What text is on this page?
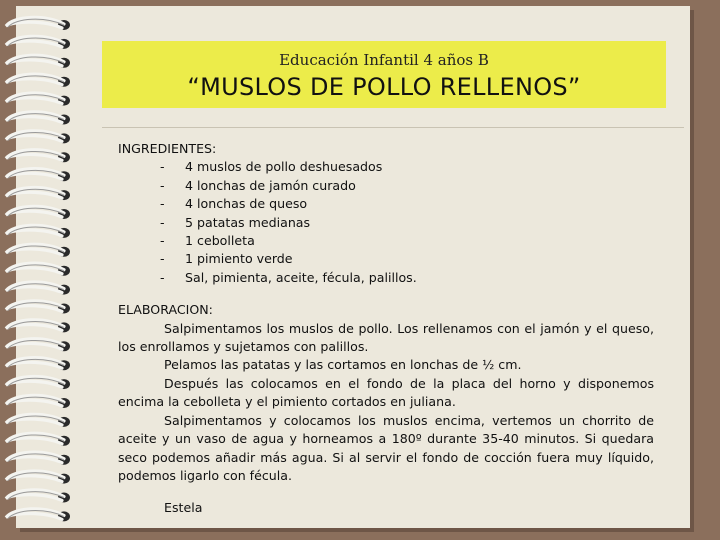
Educación Infantil 4 años B
“MUSLOS DE POLLO RELLENOS”
INGREDIENTES:
- 4 muslos de pollo deshuesados
- 4 lonchas de jamón curado
- 4 lonchas de queso
- 5 patatas medianas
- 1 cebolleta
- 1 pimiento verde
- Sal, pimienta, aceite, fécula, palillos.
ELABORACION:

Salpimentamos los muslos de pollo. Los rellenamos con el jamón y el queso, los enrollamos y sujetamos con palillos.

Pelamos las patatas y las cortamos en lonchas de ½ cm.

Después las colocamos en el fondo de la placa del horno y disponemos encima la cebolleta y el pimiento cortados en juliana.

Salpimentamos y colocamos los muslos encima, vertemos un chorrito de aceite y un vaso de agua y horneamos a 180º durante 35-40 minutos. Si quedara seco podemos añadir más agua. Si al servir el fondo de cocción fuera muy líquido, podemos ligarlo con fécula.

Estela
